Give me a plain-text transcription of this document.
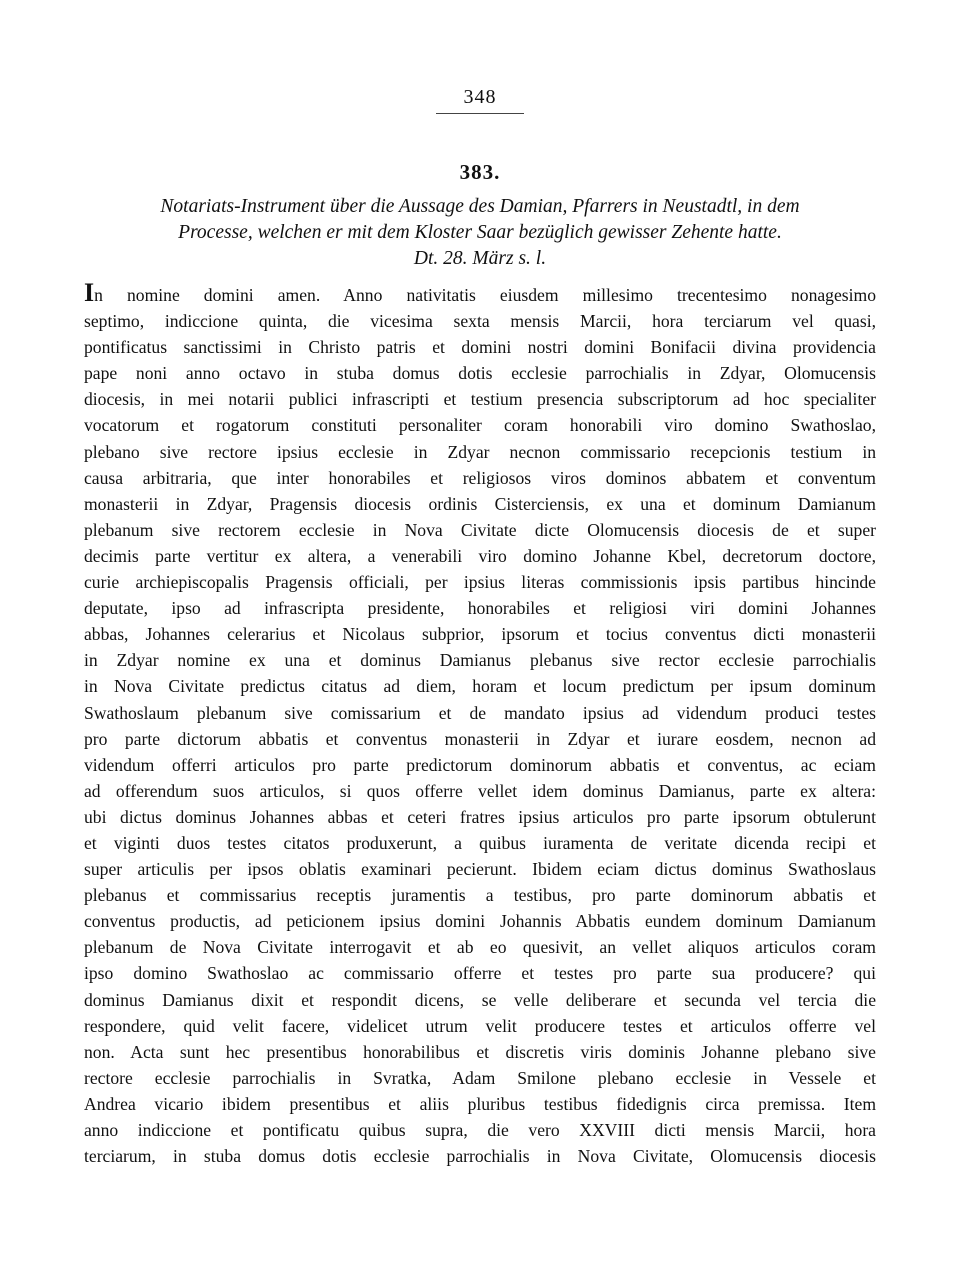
348
383.
Notariats-Instrument über die Aussage des Damian, Pfarrers in Neustadtl, in dem
Processe, welchen er mit dem Kloster Saar bezüglich gewisser Zehente hatte.
Dt. 28. März s. l.
In nomine domini amen. Anno nativitatis eiusdem millesimo trecentesimo nonagesimo
septimo, indiccione quinta, die vicesima sexta mensis Marcii, hora terciarum vel quasi,
pontificatus sanctissimi in Christo patris et domini nostri domini Bonifacii divina providencia
pape noni anno octavo in stuba domus dotis ecclesie parrochialis in Zdyar, Olomucensis
diocesis, in mei notarii publici infrascripti et testium presencia subscriptorum ad hoc specialiter
vocatorum et rogatorum constituti personaliter coram honorabili viro domino Swathoslao,
plebano sive rectore ipsius ecclesie in Zdyar necnon commissario recepcionis testium in
causa arbitraria, que inter honorabiles et religiosos viros dominos abbatem et conventum
monasterii in Zdyar, Pragensis diocesis ordinis Cisterciensis, ex una et dominum Damianum
plebanum sive rectorem ecclesie in Nova Civitate dicte Olomucensis diocesis de et super
decimis parte vertitur ex altera, a venerabili viro domino Johanne Kbel, decretorum doctore,
curie archiepiscopalis Pragensis officiali, per ipsius literas commissionis ipsis partibus hincinde
deputate, ipso ad infrascripta presidente, honorabiles et religiosi viri domini Johannes
abbas, Johannes celerarius et Nicolaus subprior, ipsorum et tocius conventus dicti monasterii
in Zdyar nomine ex una et dominus Damianus plebanus sive rector ecclesie parrochialis
in Nova Civitate predictus citatus ad diem, horam et locum predictum per ipsum dominum
Swathoslaum plebanum sive comissarium et de mandato ipsius ad videndum produci testes
pro parte dictorum abbatis et conventus monasterii in Zdyar et iurare eosdem, necnon ad
videndum offerri articulos pro parte predictorum dominorum abbatis et conventus, ac eciam
ad offerendum suos articulos, si quos offerre vellet idem dominus Damianus, parte ex altera:
ubi dictus dominus Johannes abbas et ceteri fratres ipsius articulos pro parte ipsorum obtulerunt
et viginti duos testes citatos produxerunt, a quibus iuramenta de veritate dicenda recipi et
super articulis per ipsos oblatis examinari pecierunt. Ibidem eciam dictus dominus Swathoslaus
plebanus et commissarius receptis juramentis a testibus, pro parte dominorum abbatis et
conventus productis, ad peticionem ipsius domini Johannis Abbatis eundem dominum Damianum
plebanum de Nova Civitate interrogavit et ab eo quesivit, an vellet aliquos articulos coram
ipso domino Swathoslao ac commissario offerre et testes pro parte sua producere? qui
dominus Damianus dixit et respondit dicens, se velle deliberare et secunda vel tercia die
respondere, quid velit facere, videlicet utrum velit producere testes et articulos offerre vel
non. Acta sunt hec presentibus honorabilibus et discretis viris dominis Johanne plebano sive
rectore ecclesie parrochialis in Svratka, Adam Smilone plebano ecclesie in Vessele et
Andrea vicario ibidem presentibus et aliis pluribus testibus fidedignis circa premissa. Item
anno indiccione et pontificatu quibus supra, die vero XXVIII dicti mensis Marcii, hora
terciarum, in stuba domus dotis ecclesie parrochialis in Nova Civitate, Olomucensis diocesis
